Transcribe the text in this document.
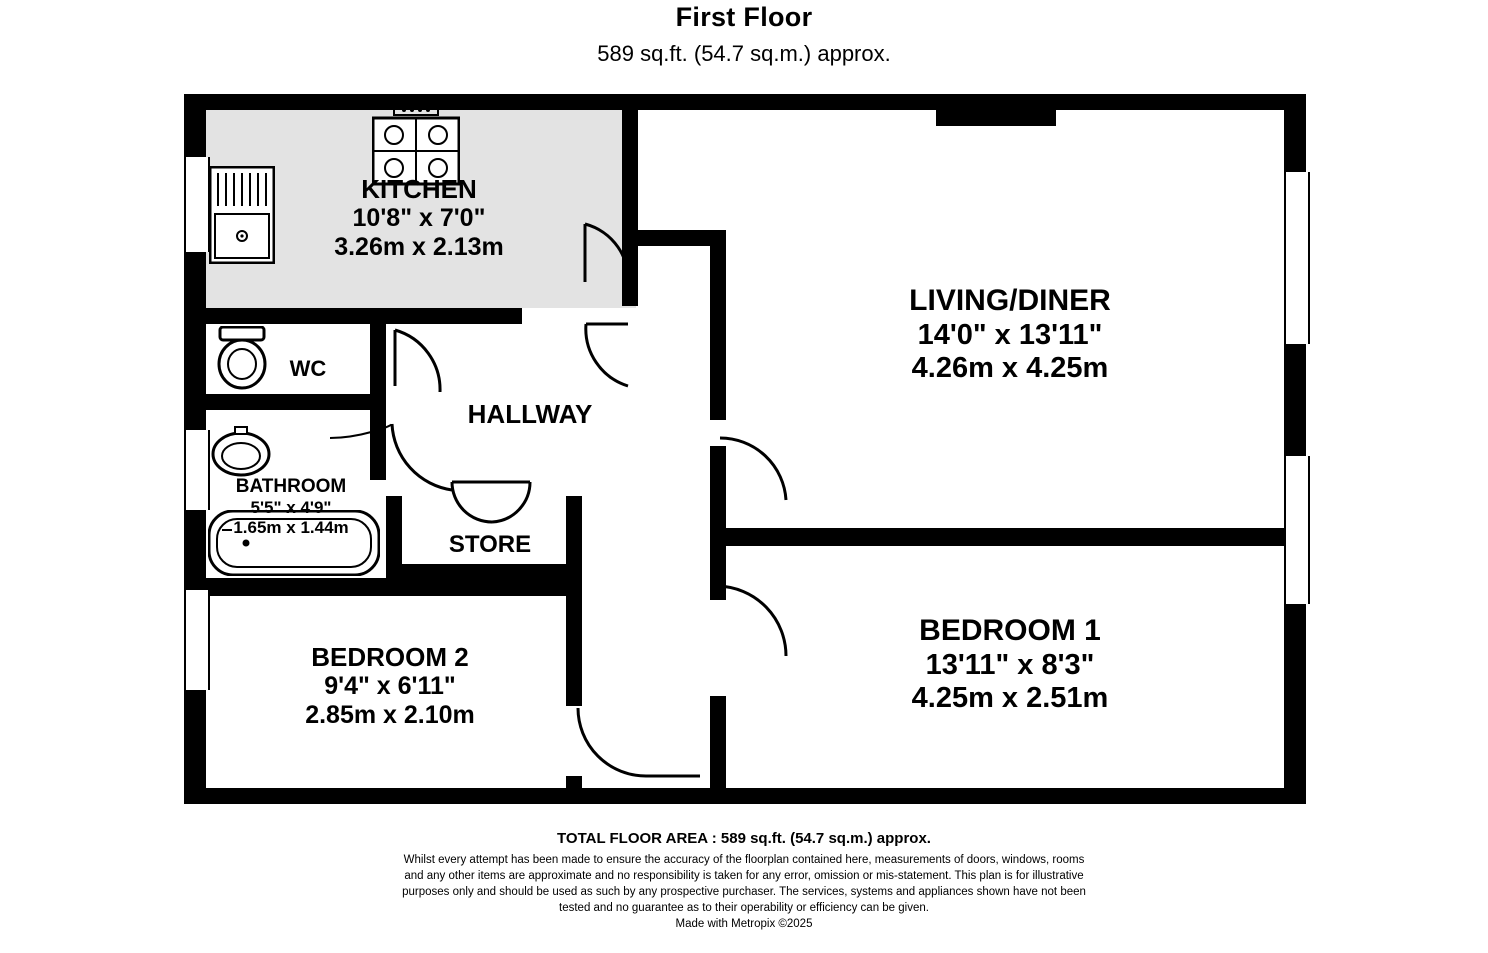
First Floor
589 sq.ft. (54.7 sq.m.) approx.
KITCHEN
10'8" x 7'0"
3.26m x 2.13m
LIVING/DINER
14'0" x 13'11"
4.26m x 4.25m
WC
HALLWAY
BATHROOM
5'5" x 4'9"
1.65m x 1.44m
STORE
BEDROOM 2
9'4" x 6'11"
2.85m x 2.10m
BEDROOM 1
13'11" x 8'3"
4.25m x 2.51m
TOTAL FLOOR AREA : 589 sq.ft. (54.7 sq.m.) approx.
Whilst every attempt has been made to ensure the accuracy of the floorplan contained here, measurements of doors, windows, rooms and any other items are approximate and no responsibility is taken for any error, omission or mis-statement. This plan is for illustrative purposes only and should be used as such by any prospective purchaser. The services, systems and appliances shown have not been tested and no guarantee as to their operability or efficiency can be given.
Made with Metropix ©2025
